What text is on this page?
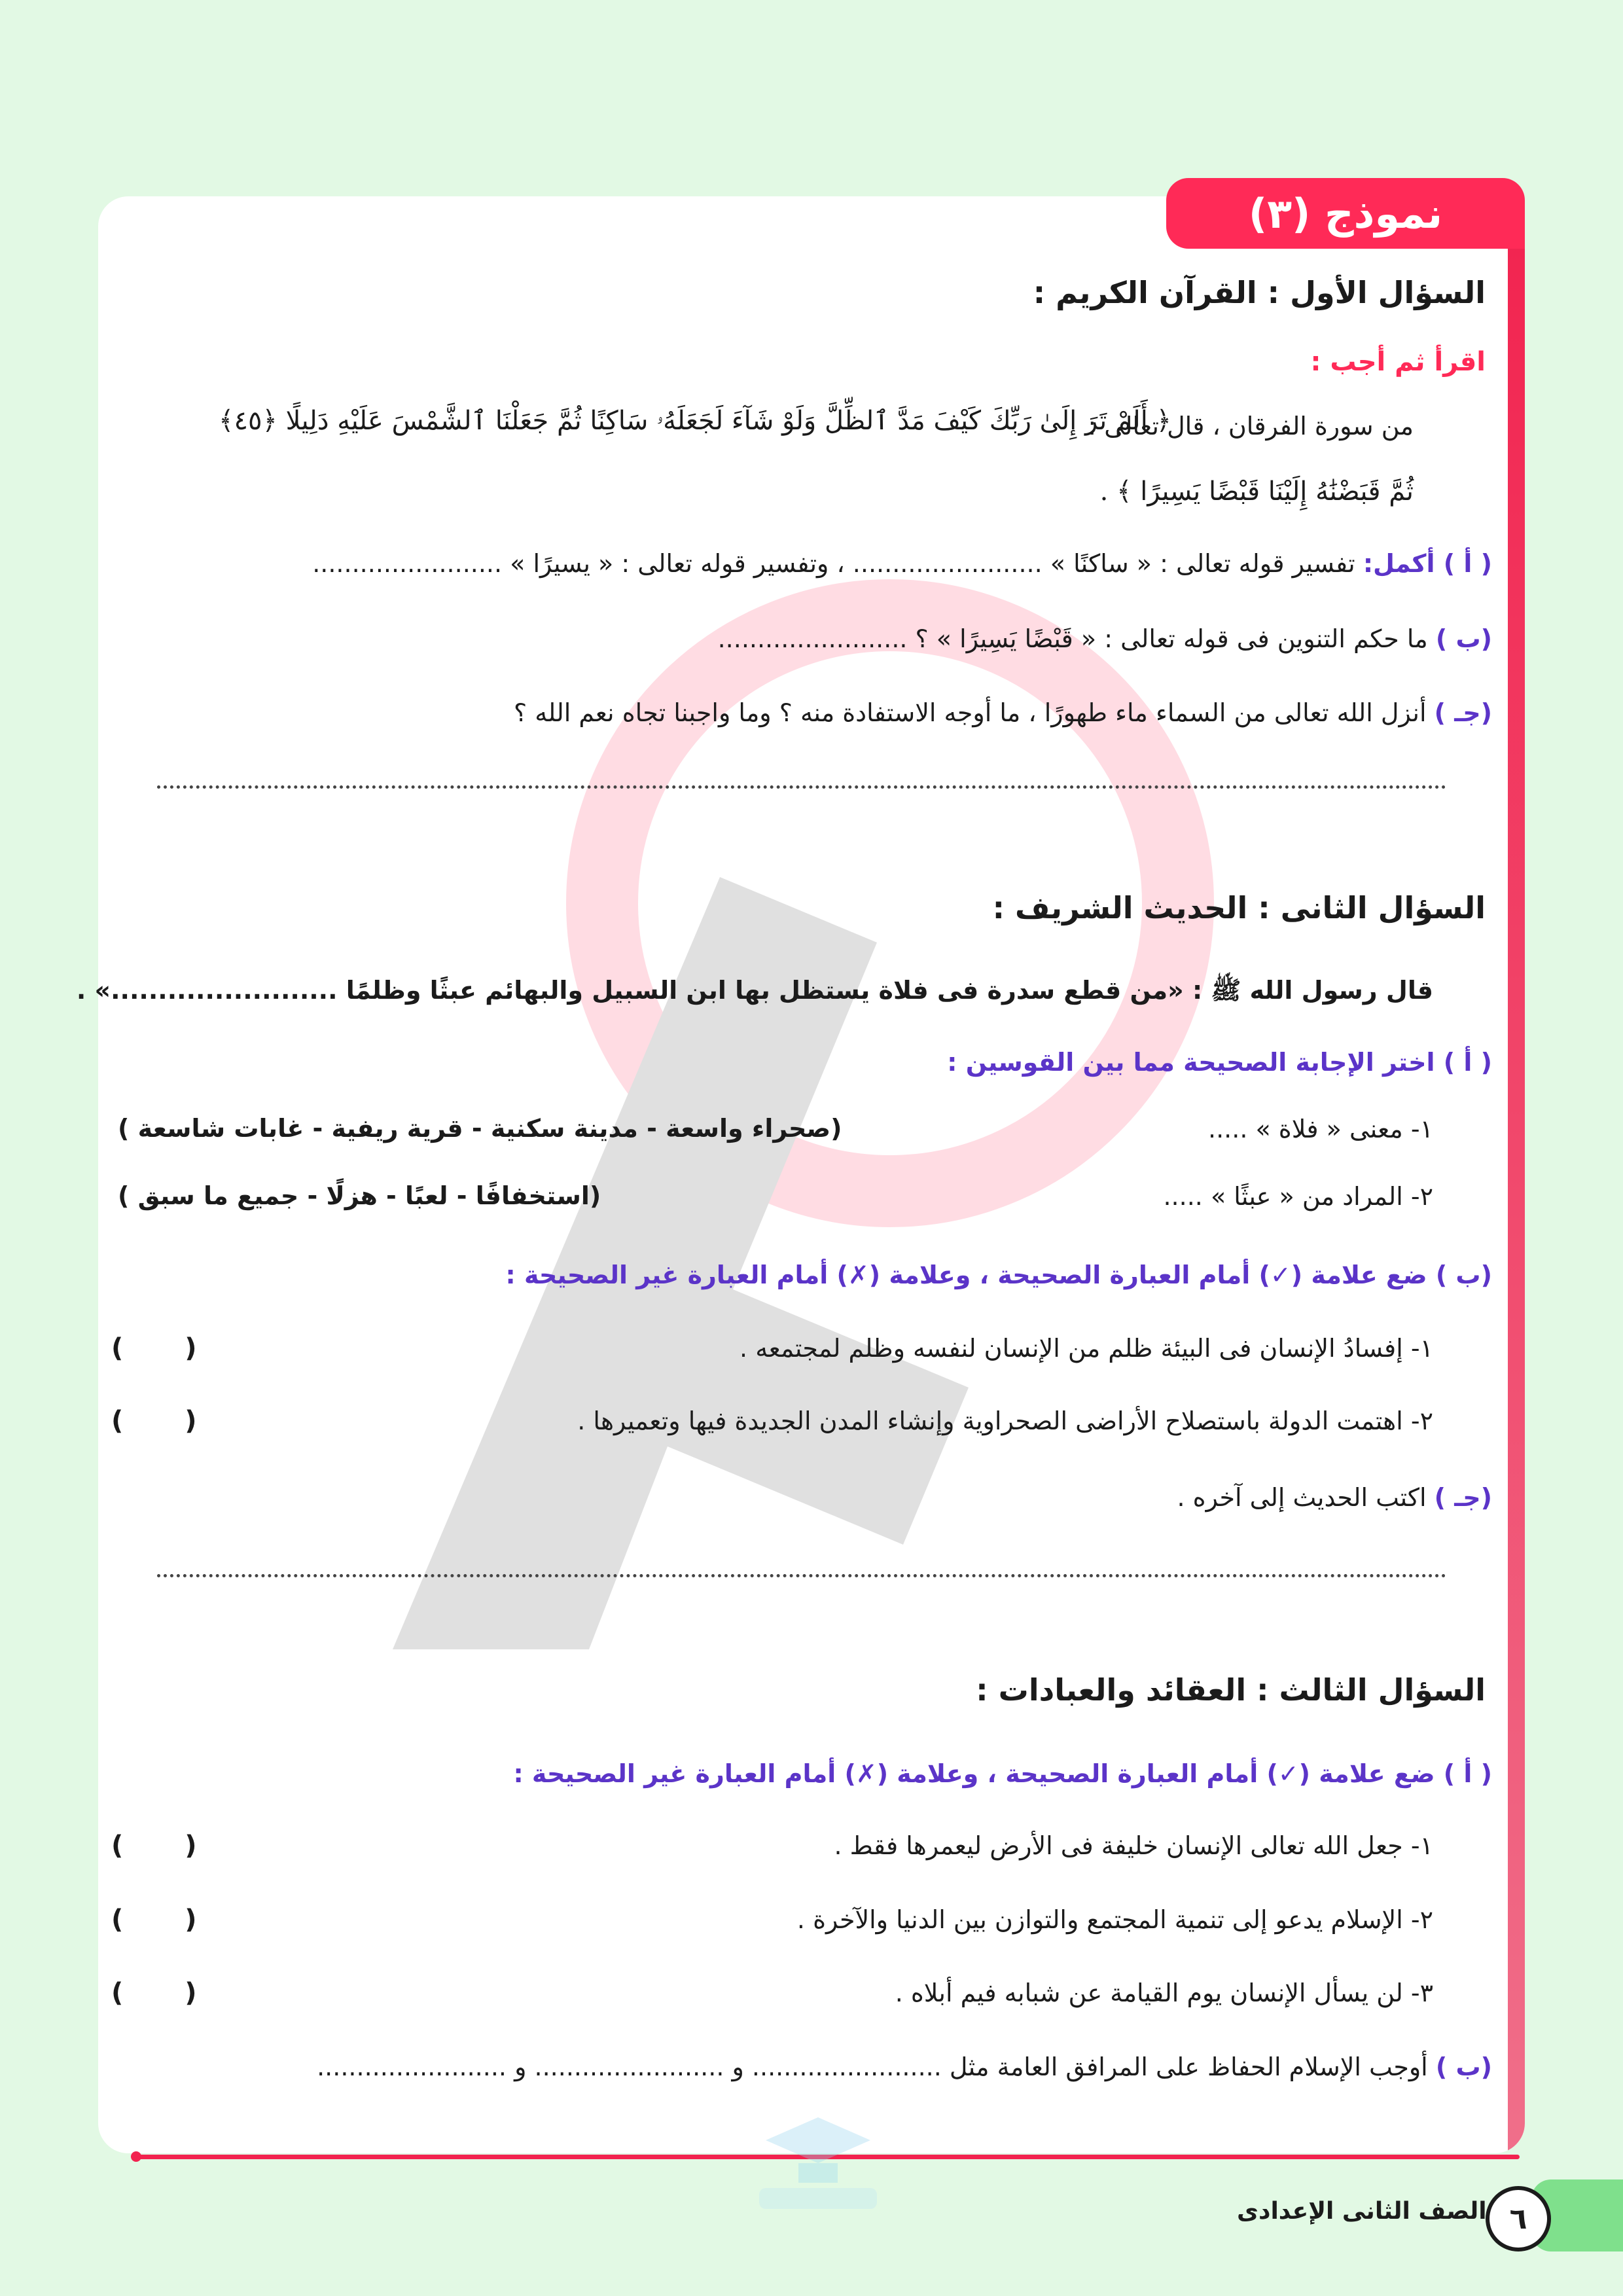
نموذج (٣)
السؤال الأول : القرآن الكريم :
اقرأ ثم أجب :
من سورة الفرقان ، قال تعالى :
﴿ أَلَمْ تَرَ إِلَىٰ رَبِّكَ كَيْفَ مَدَّ ٱلظِّلَّ وَلَوْ شَآءَ لَجَعَلَهُۥ سَاكِنًا ثُمَّ جَعَلْنَا ٱلشَّمْسَ عَلَيْهِ دَلِيلًا ﴿٤٥﴾
ثُمَّ قَبَضْنَٰهُ إِلَيْنَا قَبْضًا يَسِيرًا ﴾ .
( أ ) أكمل: تفسير قوله تعالى : « ساكنًا » ........................ ، وتفسير قوله تعالى : « يسيرًا » ........................
(ب ) ما حكم التنوين فى قوله تعالى : « قَبْضًا يَسِيرًا » ؟ ........................
(جـ ) أنزل الله تعالى من السماء ماء طهورًا ، ما أوجه الاستفادة منه ؟ وما واجبنا تجاه نعم الله ؟
السؤال الثانى : الحديث الشريف :
قال رسول الله ﷺ : «من قطع سدرة فى فلاة يستظل بها ابن السبيل والبهائم عبثًا وظلمًا ........................» .
( أ ) اختر الإجابة الصحيحة مما بين القوسين :
١- معنى « فلاة » .....
(صحراء واسعة - مدينة سكنية - قرية ريفية - غابات شاسعة )
٢- المراد من « عبثًا » .....
(استخفافًا - لعبًا - هزلًا - جميع ما سبق )
(ب ) ضع علامة (✓) أمام العبارة الصحيحة ، وعلامة (✗) أمام العبارة غير الصحيحة :
١- إفسادُ الإنسان فى البيئة ظلم من الإنسان لنفسه وظلم لمجتمعه .
( )
٢- اهتمت الدولة باستصلاح الأراضى الصحراوية وإنشاء المدن الجديدة فيها وتعميرها .
( )
(جـ ) اكتب الحديث إلى آخره .
السؤال الثالث : العقائد والعبادات :
( أ ) ضع علامة (✓) أمام العبارة الصحيحة ، وعلامة (✗) أمام العبارة غير الصحيحة :
١- جعل الله تعالى الإنسان خليفة فى الأرض ليعمرها فقط .
( )
٢- الإسلام يدعو إلى تنمية المجتمع والتوازن بين الدنيا والآخرة .
( )
٣- لن يسأل الإنسان يوم القيامة عن شبابه فيم أبلاه .
( )
(ب ) أوجب الإسلام الحفاظ على المرافق العامة مثل ........................ و ........................ و ........................
٦
الصف الثانى الإعدادى
